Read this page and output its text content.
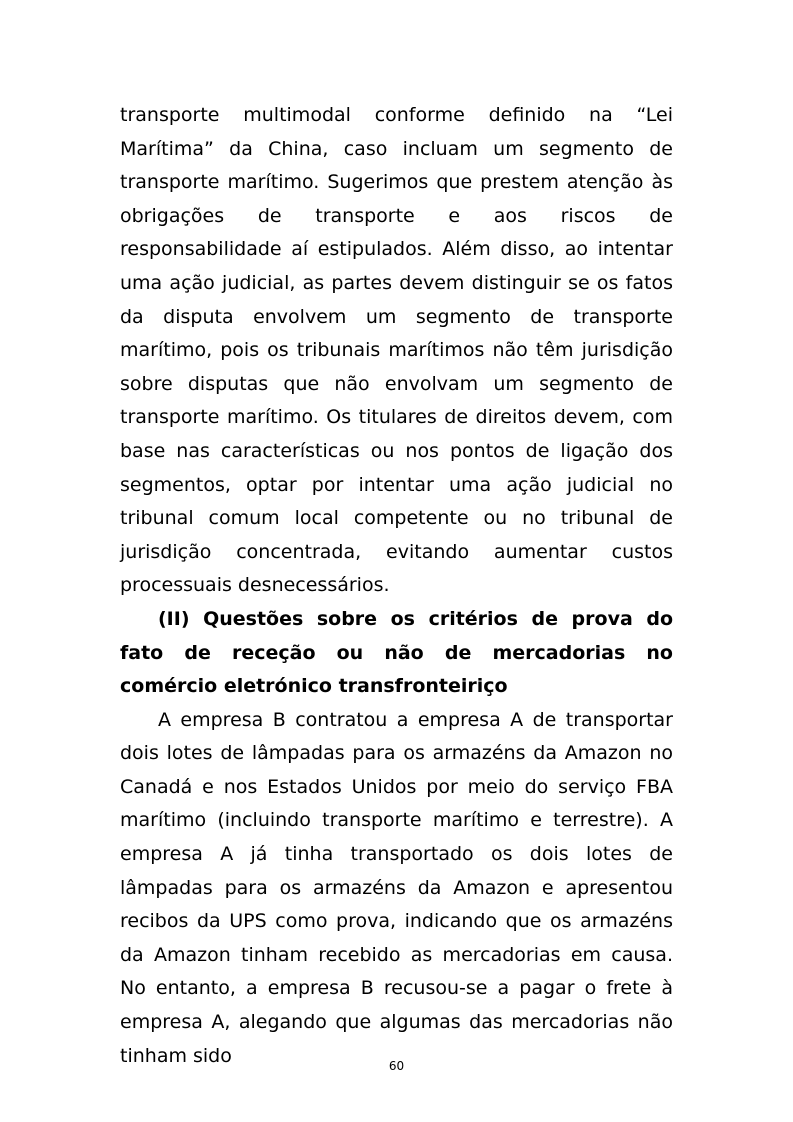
transporte multimodal conforme definido na “Lei Marítima” da China, caso incluam um segmento de transporte marítimo. Sugerimos que prestem atenção às obrigações de transporte e aos riscos de responsabilidade aí estipulados. Além disso, ao intentar uma ação judicial, as partes devem distinguir se os fatos da disputa envolvem um segmento de transporte marítimo, pois os tribunais marítimos não têm jurisdição sobre disputas que não envolvam um segmento de transporte marítimo. Os titulares de direitos devem, com base nas características ou nos pontos de ligação dos segmentos, optar por intentar uma ação judicial no tribunal comum local competente ou no tribunal de jurisdição concentrada, evitando aumentar custos processuais desnecessários.

(II) Questões sobre os critérios de prova do fato de receção ou não de mercadorias no comércio eletrónico transfronteiriço

A empresa B contratou a empresa A de transportar dois lotes de lâmpadas para os armazéns da Amazon no Canadá e nos Estados Unidos por meio do serviço FBA marítimo (incluindo transporte marítimo e terrestre). A empresa A já tinha transportado os dois lotes de lâmpadas para os armazéns da Amazon e apresentou recibos da UPS como prova, indicando que os armazéns da Amazon tinham recebido as mercadorias em causa. No entanto, a empresa B recusou-se a pagar o frete à empresa A, alegando que algumas das mercadorias não tinham sido	60
